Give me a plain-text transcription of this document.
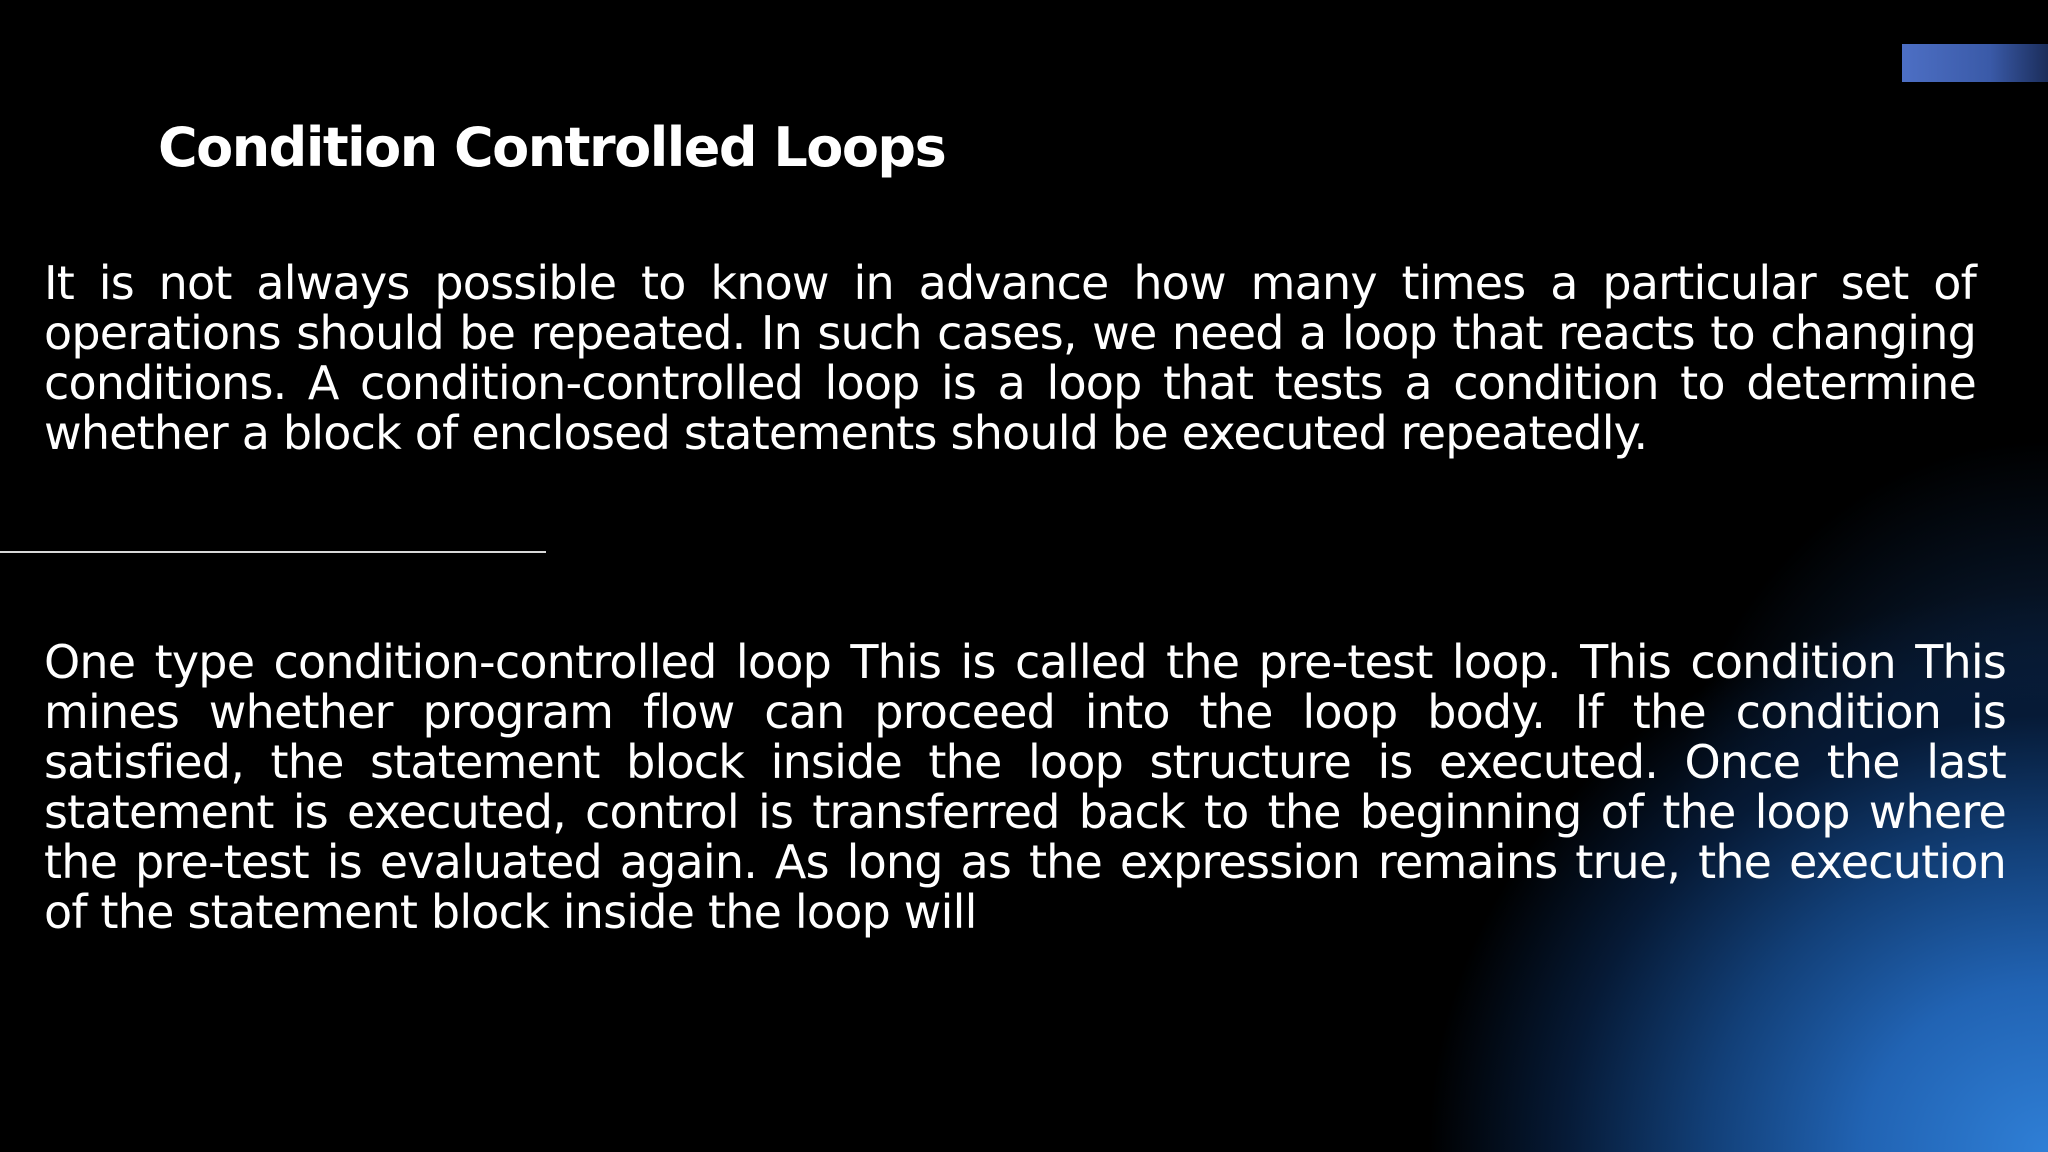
Condition Controlled Loops

It is not always possible to know in advance how many times a particular set of operations should be repeated. In such cases, we need a loop that reacts to changing conditions. A condition-controlled loop is a loop that tests a condition to determine whether a block of enclosed statements should be executed repeatedly.

One type condition-controlled loop This is called the pre-test loop. This condition This mines whether program flow can proceed into the loop body. If the condition is satisfied, the statement block inside the loop structure is executed. Once the last statement is executed, control is transferred back to the beginning of the loop where the pre-test is evaluated again. As long as the expression remains true, the execution of the statement block inside the loop will
